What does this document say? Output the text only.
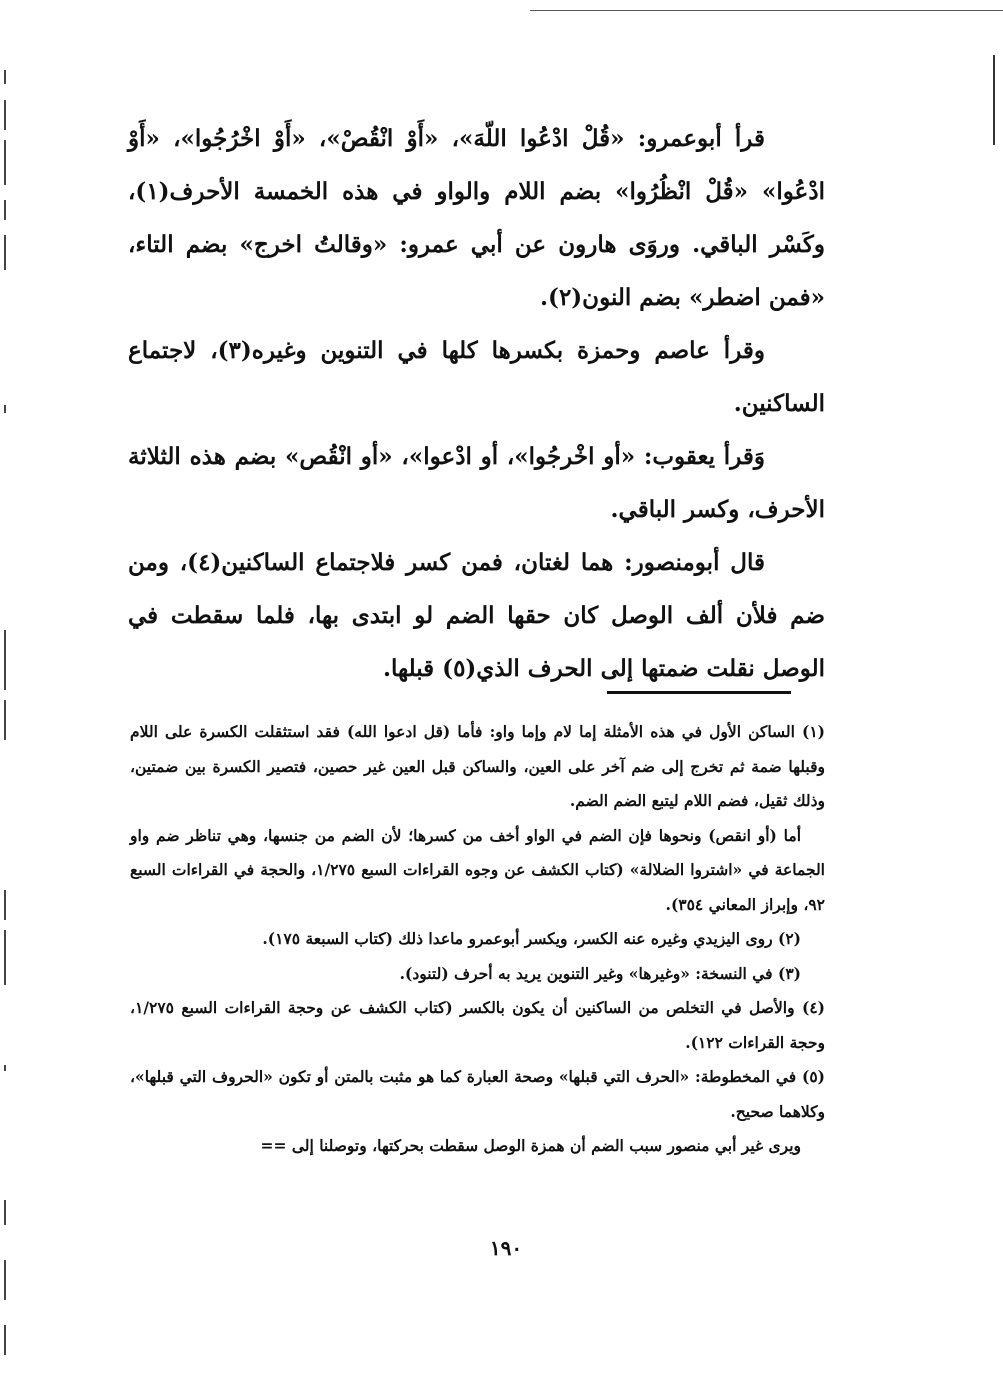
قرأ أبوعمرو: «قُلْ ادْعُوا اللّهَ»، «أَوْ انْقُصْ»، «أَوْ اخْرُجُوا»، «أَوْ ادْعُوا» «قُلْ انْظُرُوا» بضم اللام والواو في هذه الخمسة الأحرف(١)، وكَسْر الباقي. وروَى هارون عن أبي عمرو: «وقالتُ اخرج» بضم التاء، «فمن اضطر» بضم النون(٢).

وقرأ عاصم وحمزة بكسرها كلها في التنوين وغيره(٣)، لاجتماع الساكنين.

وَقرأ يعقوب: «أو اخْرجُوا»، أو ادْعوا»، «أو انْقُص» بضم هذه الثلاثة الأحرف، وكسر الباقي.

قال أبومنصور: هما لغتان، فمن كسر فلاجتماع الساكنين(٤)، ومن ضم فلأن ألف الوصل كان حقها الضم لو ابتدى بها، فلما سقطت في الوصل نقلت ضمتها إلى الحرف الذي(٥) قبلها.

(١) الساكن الأول في هذه الأمثلة إما لام وإما واو: فأما (قل ادعوا الله) فقد استثقلت الكسرة على اللام وقبلها ضمة ثم تخرج إلى ضم آخر على العين، والساكن قبل العين غير حصين، فتصير الكسرة بين ضمتين، وذلك ثقيل، فضم اللام ليتبع الضم الضم.

أما (أو انقص) ونحوها فإن الضم في الواو أخف من كسرها؛ لأن الضم من جنسها، وهي تناظر ضم واو الجماعة في «اشتروا الضلالة» (كتاب الكشف عن وجوه القراءات السبع ١/٢٧٥، والحجة في القراءات السبع ٩٢، وإبراز المعاني ٣٥٤).

(٢) روى اليزيدي وغيره عنه الكسر، ويكسر أبوعمرو ماعدا ذلك (كتاب السبعة ١٧٥).

(٣) في النسخة: «وغيرها» وغير التنوين يريد به أحرف (لتنود).

(٤) والأصل في التخلص من الساكنين أن يكون بالكسر (كتاب الكشف عن وحجة القراءات السبع ١/٢٧٥، وحجة القراءات ١٢٢).

(٥) في المخطوطة: «الحرف التي قبلها» وصحة العبارة كما هو مثبت بالمتن أو تكون «الحروف التي قبلها»، وكلاهما صحيح.

ويرى غير أبي منصور سبب الضم أن همزة الوصل سقطت بحركتها، وتوصلنا إلى ==

١٩٠
